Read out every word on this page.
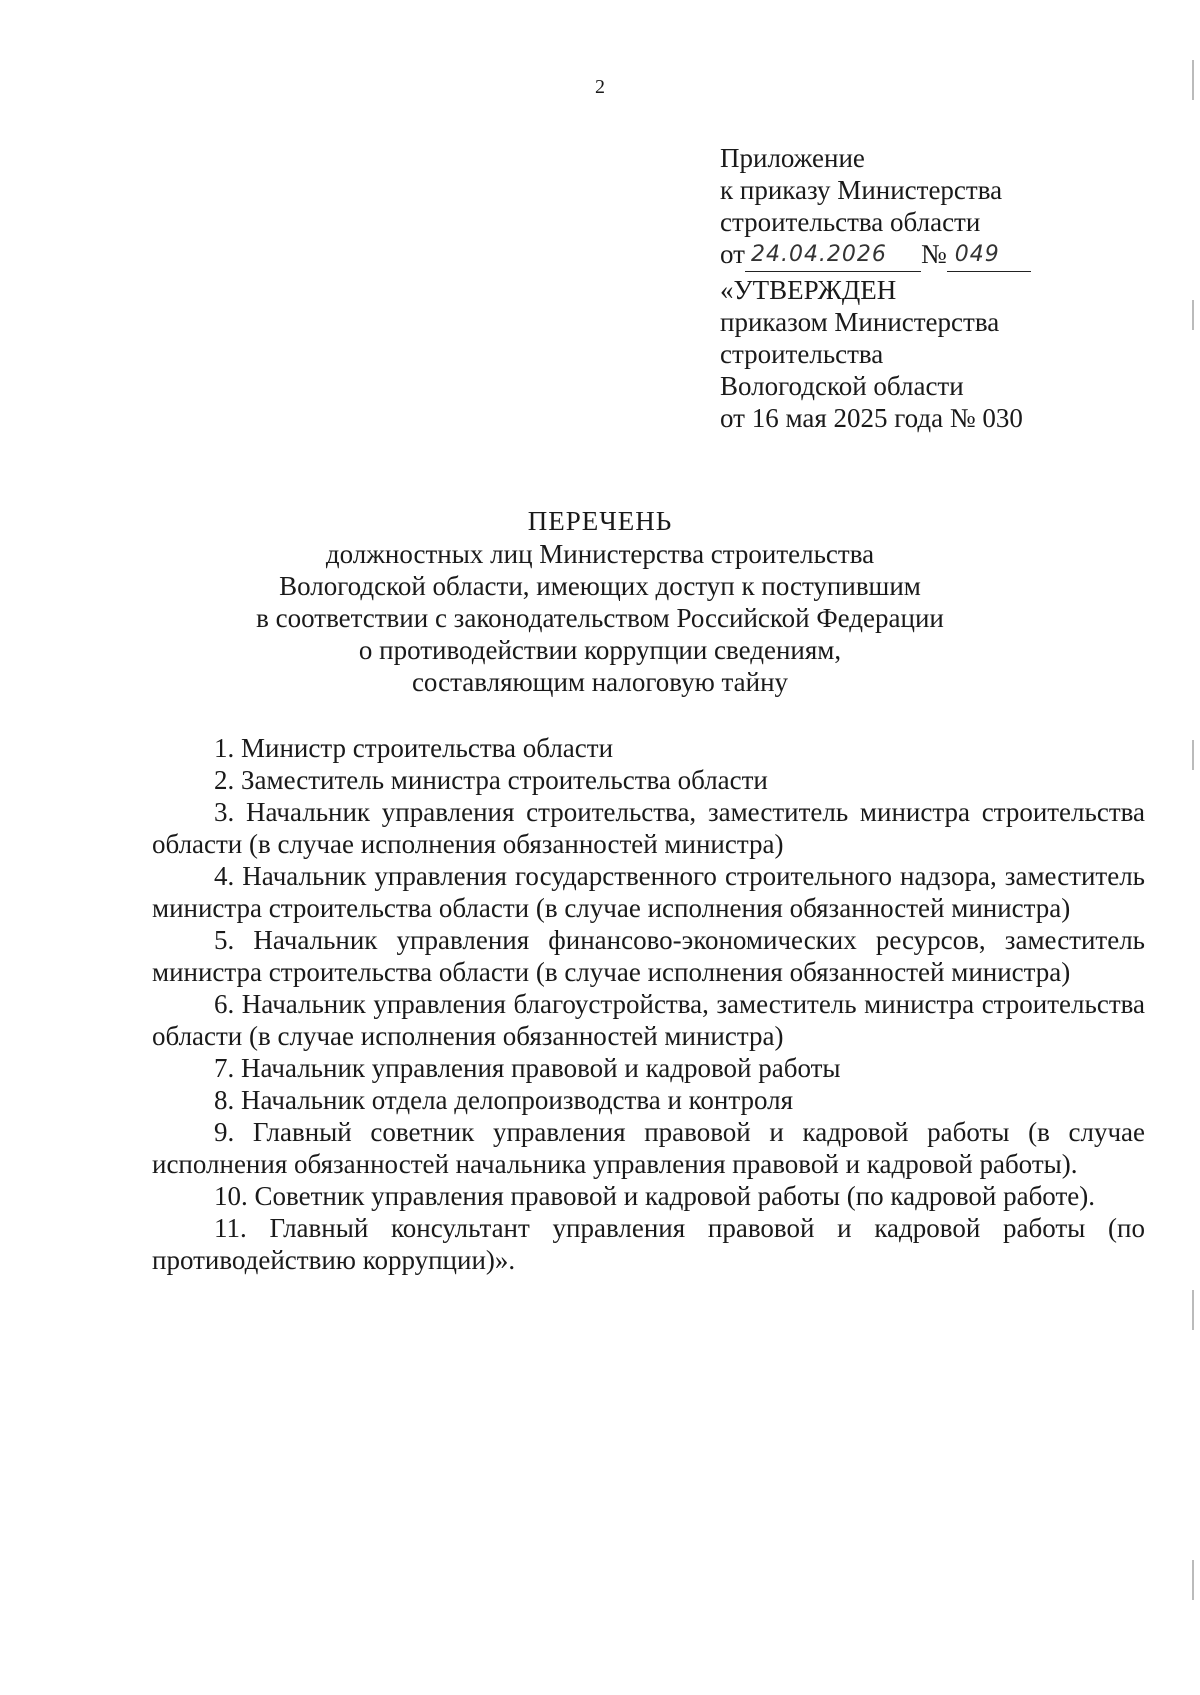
2
Приложение
к приказу Министерства
строительства области
от 24.04.2026 № 049
«УТВЕРЖДЕН
приказом Министерства
строительства
Вологодской области
от 16 мая 2025 года № 030
ПЕРЕЧЕНЬ
должностных лиц Министерства строительства
Вологодской области, имеющих доступ к поступившим
в соответствии с законодательством Российской Федерации
о противодействии коррупции сведениям,
составляющим налоговую тайну

1. Министр строительства области

2. Заместитель министра строительства области

3. Начальник управления строительства, заместитель министра строительства области (в случае исполнения обязанностей министра)

4. Начальник управления государственного строительного надзора, заместитель министра строительства области (в случае исполнения обязанностей министра)

5. Начальник управления финансово-экономических ресурсов, заместитель министра строительства области (в случае исполнения обязанностей министра)

6. Начальник управления благоустройства, заместитель министра строительства области (в случае исполнения обязанностей министра)

7. Начальник управления правовой и кадровой работы

8. Начальник отдела делопроизводства и контроля

9. Главный советник управления правовой и кадровой работы (в случае исполнения обязанностей начальника управления правовой и кадровой работы).

10. Советник управления правовой и кадровой работы (по кадровой работе).

11. Главный консультант управления правовой и кадровой работы (по противодействию коррупции)».
